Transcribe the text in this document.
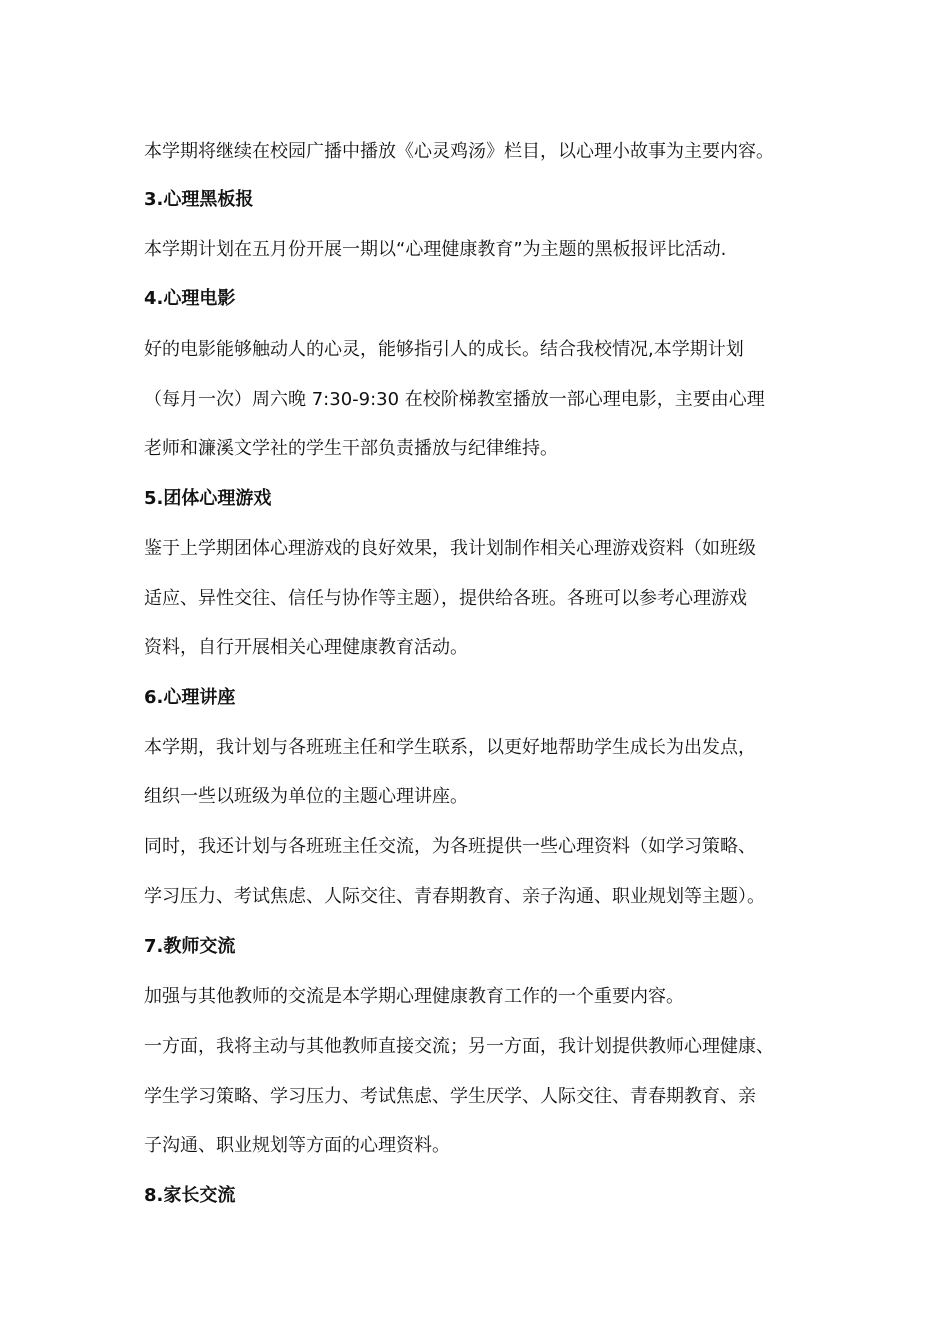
本学期将继续在校园广播中播放《心灵鸡汤》栏目，以心理小故事为主要内容。
3.心理黑板报
本学期计划在五月份开展一期以“心理健康教育”为主题的黑板报评比活动.
4.心理电影
好的电影能够触动人的心灵，能够指引人的成长。结合我校情况,本学期计划
（每月一次）周六晚 7:30-9:30 在校阶梯教室播放一部心理电影，主要由心理
老师和濂溪文学社的学生干部负责播放与纪律维持。
5.团体心理游戏
鉴于上学期团体心理游戏的良好效果，我计划制作相关心理游戏资料（如班级
适应、异性交往、信任与协作等主题），提供给各班。各班可以参考心理游戏
资料，自行开展相关心理健康教育活动。
6.心理讲座
本学期，我计划与各班班主任和学生联系，以更好地帮助学生成长为出发点，
组织一些以班级为单位的主题心理讲座。
同时，我还计划与各班班主任交流，为各班提供一些心理资料（如学习策略、
学习压力、考试焦虑、人际交往、青春期教育、亲子沟通、职业规划等主题）。
7.教师交流
加强与其他教师的交流是本学期心理健康教育工作的一个重要内容。
一方面，我将主动与其他教师直接交流；另一方面，我计划提供教师心理健康、
学生学习策略、学习压力、考试焦虑、学生厌学、人际交往、青春期教育、亲
子沟通、职业规划等方面的心理资料。
8.家长交流
